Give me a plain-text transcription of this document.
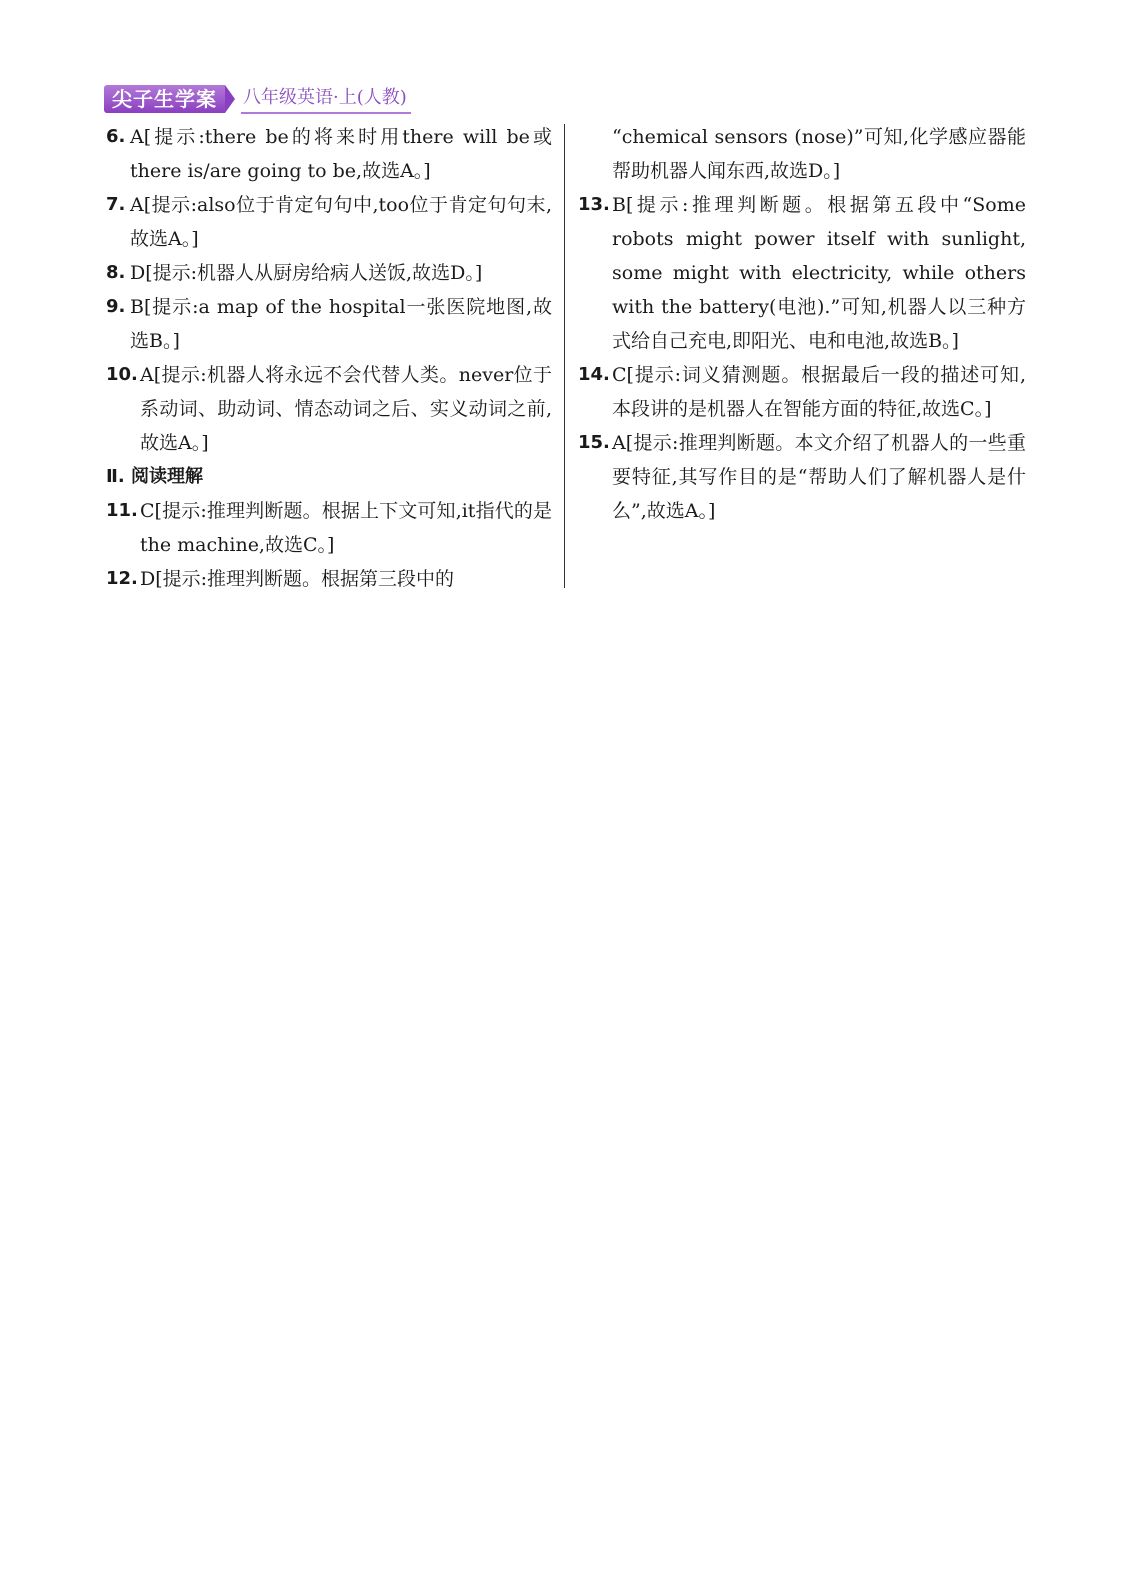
尖子生学案	八年级英语·上(人教)
6. A[提示:there be的将来时用there will be或there is/are going to be,故选A。]
7. A[提示:also位于肯定句句中,too位于肯定句句末,故选A。]
8. D[提示:机器人从厨房给病人送饭,故选D。]
9. B[提示:a map of the hospital一张医院地图,故选B。]
10. A[提示:机器人将永远不会代替人类。never位于系动词、助动词、情态动词之后、实义动词之前,故选A。]
Ⅱ. 阅读理解
11. C[提示:推理判断题。根据上下文可知,it指代的是the machine,故选C。]
12. D[提示:推理判断题。根据第三段中的
“chemical sensors (nose)”可知,化学感应器能帮助机器人闻东西,故选D。]
13. B[提示:推理判断题。根据第五段中“Some robots might power itself with sunlight, some might with electricity, while others with the battery(电池).”可知,机器人以三种方式给自己充电,即阳光、电和电池,故选B。]
14. C[提示:词义猜测题。根据最后一段的描述可知,本段讲的是机器人在智能方面的特征,故选C。]
15. A[提示:推理判断题。本文介绍了机器人的一些重要特征,其写作目的是“帮助人们了解机器人是什么”,故选A。]
